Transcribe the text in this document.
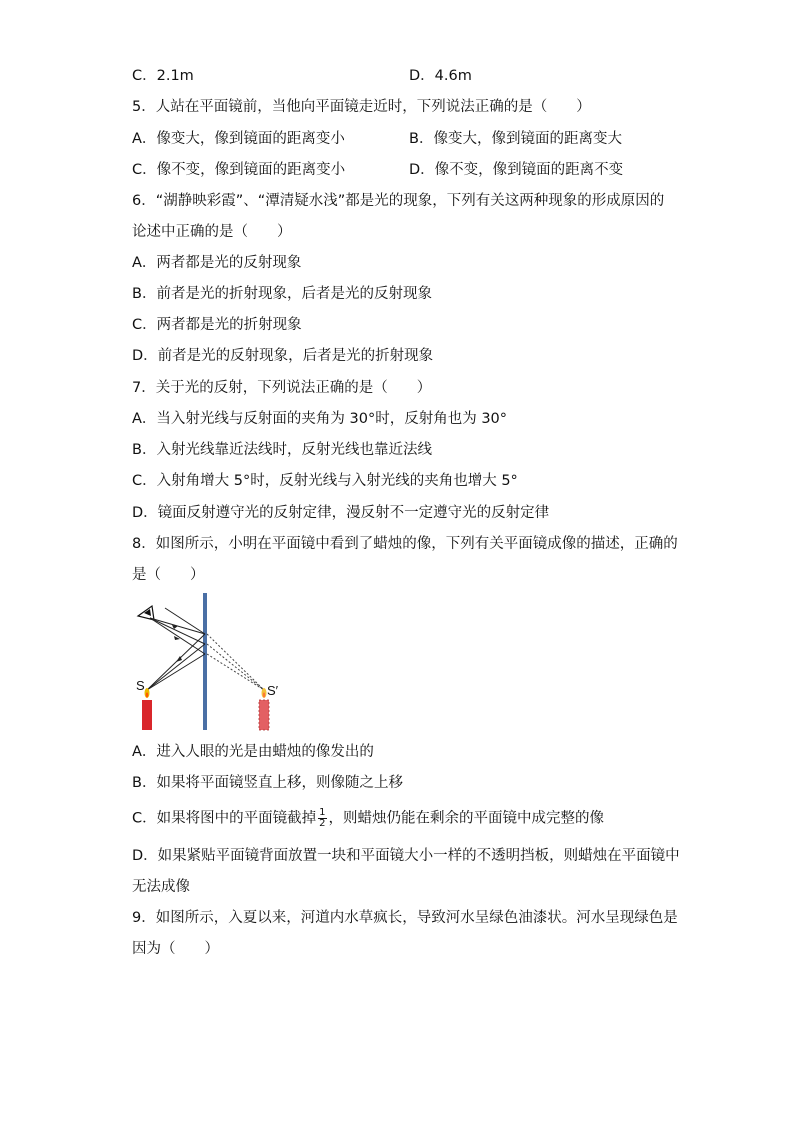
C．2.1m	D．4.6m
5．人站在平面镜前，当他向平面镜走近时，下列说法正确的是（　　）
A．像变大，像到镜面的距离变小	B．像变大，像到镜面的距离变大
C．像不变，像到镜面的距离变小	D．像不变，像到镜面的距离不变
6．“湖静映彩霞”、“潭清疑水浅”都是光的现象，下列有关这两种现象的形成原因的
论述中正确的是（　　）
A．两者都是光的反射现象
B．前者是光的折射现象，后者是光的反射现象
C．两者都是光的折射现象
D．前者是光的反射现象，后者是光的折射现象
7．关于光的反射，下列说法正确的是（　　）
A．当入射光线与反射面的夹角为 30°时，反射角也为 30°
B．入射光线靠近法线时，反射光线也靠近法线
C．入射角增大 5°时，反射光线与入射光线的夹角也增大 5°
D．镜面反射遵守光的反射定律，漫反射不一定遵守光的反射定律
8．如图所示，小明在平面镜中看到了蜡烛的像，下列有关平面镜成像的描述，正确的
是（　　）
S	S′
A．进入人眼的光是由蜡烛的像发出的
B．如果将平面镜竖直上移，则像随之上移
C．如果将图中的平面镜截掉 $\frac{1}{2}$ ，则蜡烛仍能在剩余的平面镜中成完整的像
D．如果紧贴平面镜背面放置一块和平面镜大小一样的不透明挡板，则蜡烛在平面镜中
无法成像
9．如图所示，入夏以来，河道内水草疯长，导致河水呈绿色油漆状。河水呈现绿色是
因为（　　）
